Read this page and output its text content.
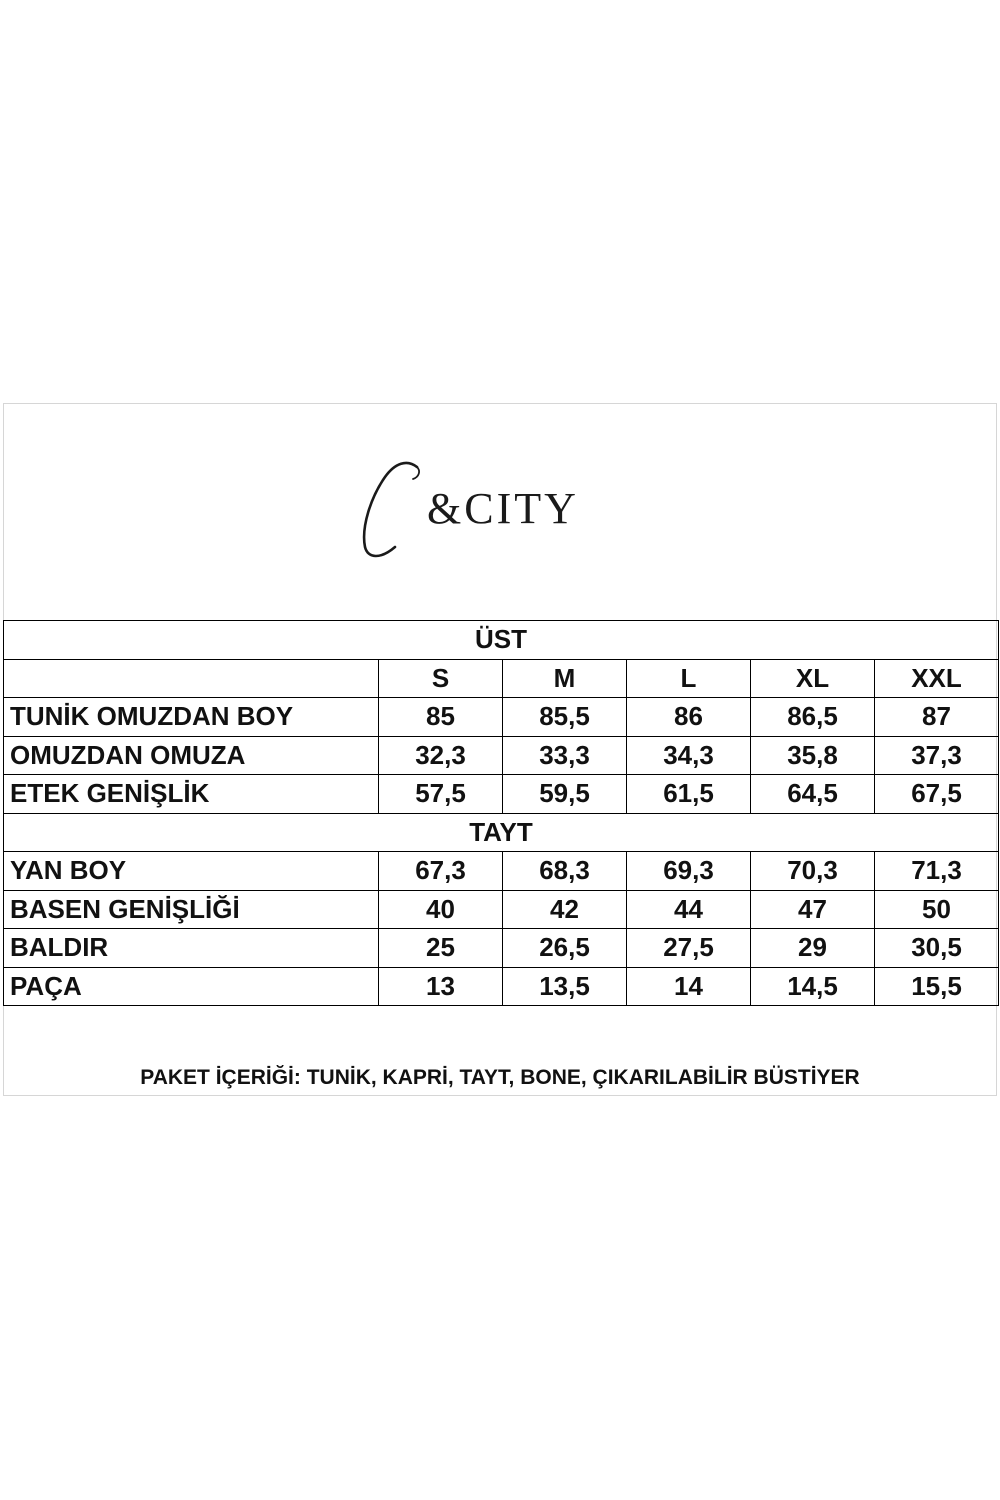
&CITY
ÜST					
	S	M	L	XL	XXL
TUNİK OMUZDAN BOY	85	85,5	86	86,5	87
OMUZDAN OMUZA	32,3	33,3	34,3	35,8	37,3
ETEK GENİŞLİK	57,5	59,5	61,5	64,5	67,5
TAYT					
YAN BOY	67,3	68,3	69,3	70,3	71,3
BASEN GENİŞLİĞİ	40	42	44	47	50
BALDIR	25	26,5	27,5	29	30,5
PAÇA	13	13,5	14	14,5	15,5
PAKET İÇERİĞİ: TUNİK, KAPRİ, TAYT, BONE, ÇIKARILABİLİR BÜSTİYER
